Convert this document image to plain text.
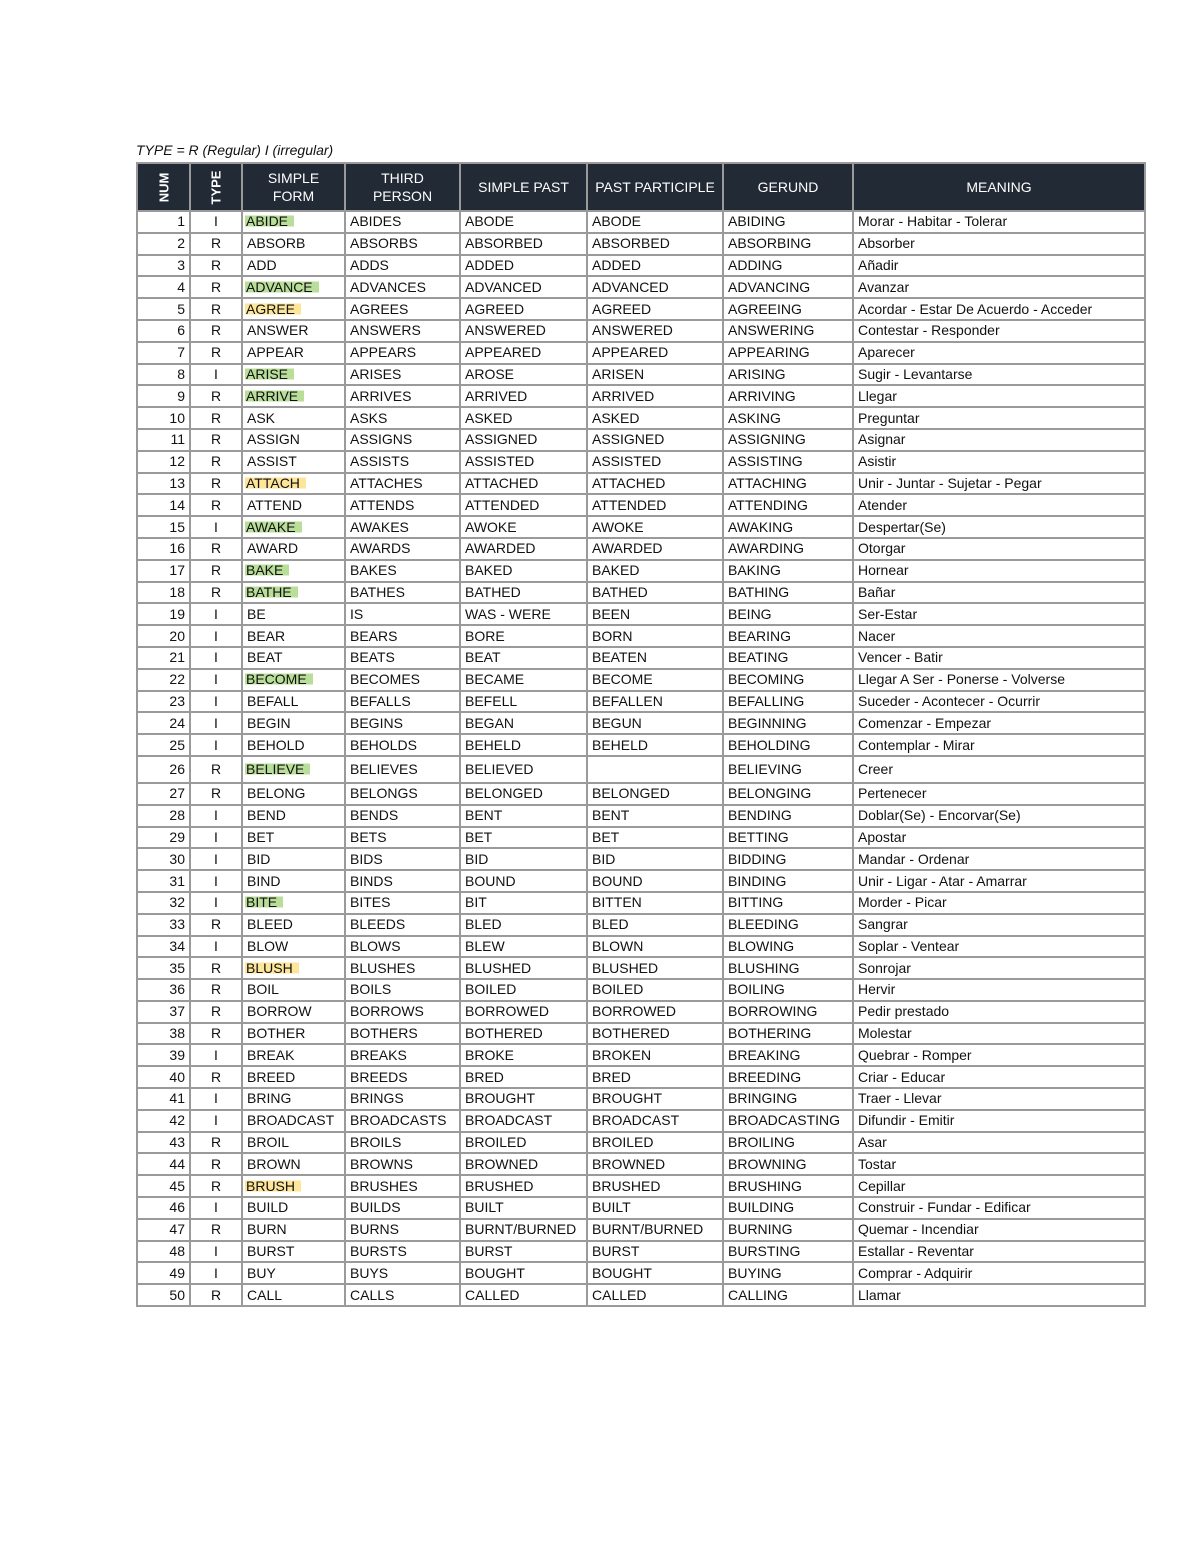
TYPE = R (Regular) I (irregular)
NUM	TYPE	SIMPLE FORM	THIRD PERSON	SIMPLE PAST	PAST PARTICIPLE	GERUND	MEANING
1	I	ABIDE	ABIDES	ABODE	ABODE	ABIDING	Morar - Habitar - Tolerar
2	R	ABSORB	ABSORBS	ABSORBED	ABSORBED	ABSORBING	Absorber
3	R	ADD	ADDS	ADDED	ADDED	ADDING	Añadir
4	R	ADVANCE	ADVANCES	ADVANCED	ADVANCED	ADVANCING	Avanzar
5	R	AGREE	AGREES	AGREED	AGREED	AGREEING	Acordar - Estar De Acuerdo - Acceder
6	R	ANSWER	ANSWERS	ANSWERED	ANSWERED	ANSWERING	Contestar - Responder
7	R	APPEAR	APPEARS	APPEARED	APPEARED	APPEARING	Aparecer
8	I	ARISE	ARISES	AROSE	ARISEN	ARISING	Sugir - Levantarse
9	R	ARRIVE	ARRIVES	ARRIVED	ARRIVED	ARRIVING	Llegar
10	R	ASK	ASKS	ASKED	ASKED	ASKING	Preguntar
11	R	ASSIGN	ASSIGNS	ASSIGNED	ASSIGNED	ASSIGNING	Asignar
12	R	ASSIST	ASSISTS	ASSISTED	ASSISTED	ASSISTING	Asistir
13	R	ATTACH	ATTACHES	ATTACHED	ATTACHED	ATTACHING	Unir - Juntar - Sujetar - Pegar
14	R	ATTEND	ATTENDS	ATTENDED	ATTENDED	ATTENDING	Atender
15	I	AWAKE	AWAKES	AWOKE	AWOKE	AWAKING	Despertar(Se)
16	R	AWARD	AWARDS	AWARDED	AWARDED	AWARDING	Otorgar
17	R	BAKE	BAKES	BAKED	BAKED	BAKING	Hornear
18	R	BATHE	BATHES	BATHED	BATHED	BATHING	Bañar
19	I	BE	IS	WAS - WERE	BEEN	BEING	Ser-Estar
20	I	BEAR	BEARS	BORE	BORN	BEARING	Nacer
21	I	BEAT	BEATS	BEAT	BEATEN	BEATING	Vencer - Batir
22	I	BECOME	BECOMES	BECAME	BECOME	BECOMING	Llegar A Ser - Ponerse - Volverse
23	I	BEFALL	BEFALLS	BEFELL	BEFALLEN	BEFALLING	Suceder - Acontecer - Ocurrir
24	I	BEGIN	BEGINS	BEGAN	BEGUN	BEGINNING	Comenzar - Empezar
25	I	BEHOLD	BEHOLDS	BEHELD	BEHELD	BEHOLDING	Contemplar - Mirar
26	R	BELIEVE	BELIEVES	BELIEVED		BELIEVING	Creer
27	R	BELONG	BELONGS	BELONGED	BELONGED	BELONGING	Pertenecer
28	I	BEND	BENDS	BENT	BENT	BENDING	Doblar(Se) - Encorvar(Se)
29	I	BET	BETS	BET	BET	BETTING	Apostar
30	I	BID	BIDS	BID	BID	BIDDING	Mandar - Ordenar
31	I	BIND	BINDS	BOUND	BOUND	BINDING	Unir - Ligar - Atar - Amarrar
32	I	BITE	BITES	BIT	BITTEN	BITTING	Morder - Picar
33	R	BLEED	BLEEDS	BLED	BLED	BLEEDING	Sangrar
34	I	BLOW	BLOWS	BLEW	BLOWN	BLOWING	Soplar - Ventear
35	R	BLUSH	BLUSHES	BLUSHED	BLUSHED	BLUSHING	Sonrojar
36	R	BOIL	BOILS	BOILED	BOILED	BOILING	Hervir
37	R	BORROW	BORROWS	BORROWED	BORROWED	BORROWING	Pedir prestado
38	R	BOTHER	BOTHERS	BOTHERED	BOTHERED	BOTHERING	Molestar
39	I	BREAK	BREAKS	BROKE	BROKEN	BREAKING	Quebrar - Romper
40	R	BREED	BREEDS	BRED	BRED	BREEDING	Criar - Educar
41	I	BRING	BRINGS	BROUGHT	BROUGHT	BRINGING	Traer - Llevar
42	I	BROADCAST	BROADCASTS	BROADCAST	BROADCAST	BROADCASTING	Difundir - Emitir
43	R	BROIL	BROILS	BROILED	BROILED	BROILING	Asar
44	R	BROWN	BROWNS	BROWNED	BROWNED	BROWNING	Tostar
45	R	BRUSH	BRUSHES	BRUSHED	BRUSHED	BRUSHING	Cepillar
46	I	BUILD	BUILDS	BUILT	BUILT	BUILDING	Construir - Fundar - Edificar
47	R	BURN	BURNS	BURNT/BURNED	BURNT/BURNED	BURNING	Quemar - Incendiar
48	I	BURST	BURSTS	BURST	BURST	BURSTING	Estallar - Reventar
49	I	BUY	BUYS	BOUGHT	BOUGHT	BUYING	Comprar - Adquirir
50	R	CALL	CALLS	CALLED	CALLED	CALLING	Llamar
